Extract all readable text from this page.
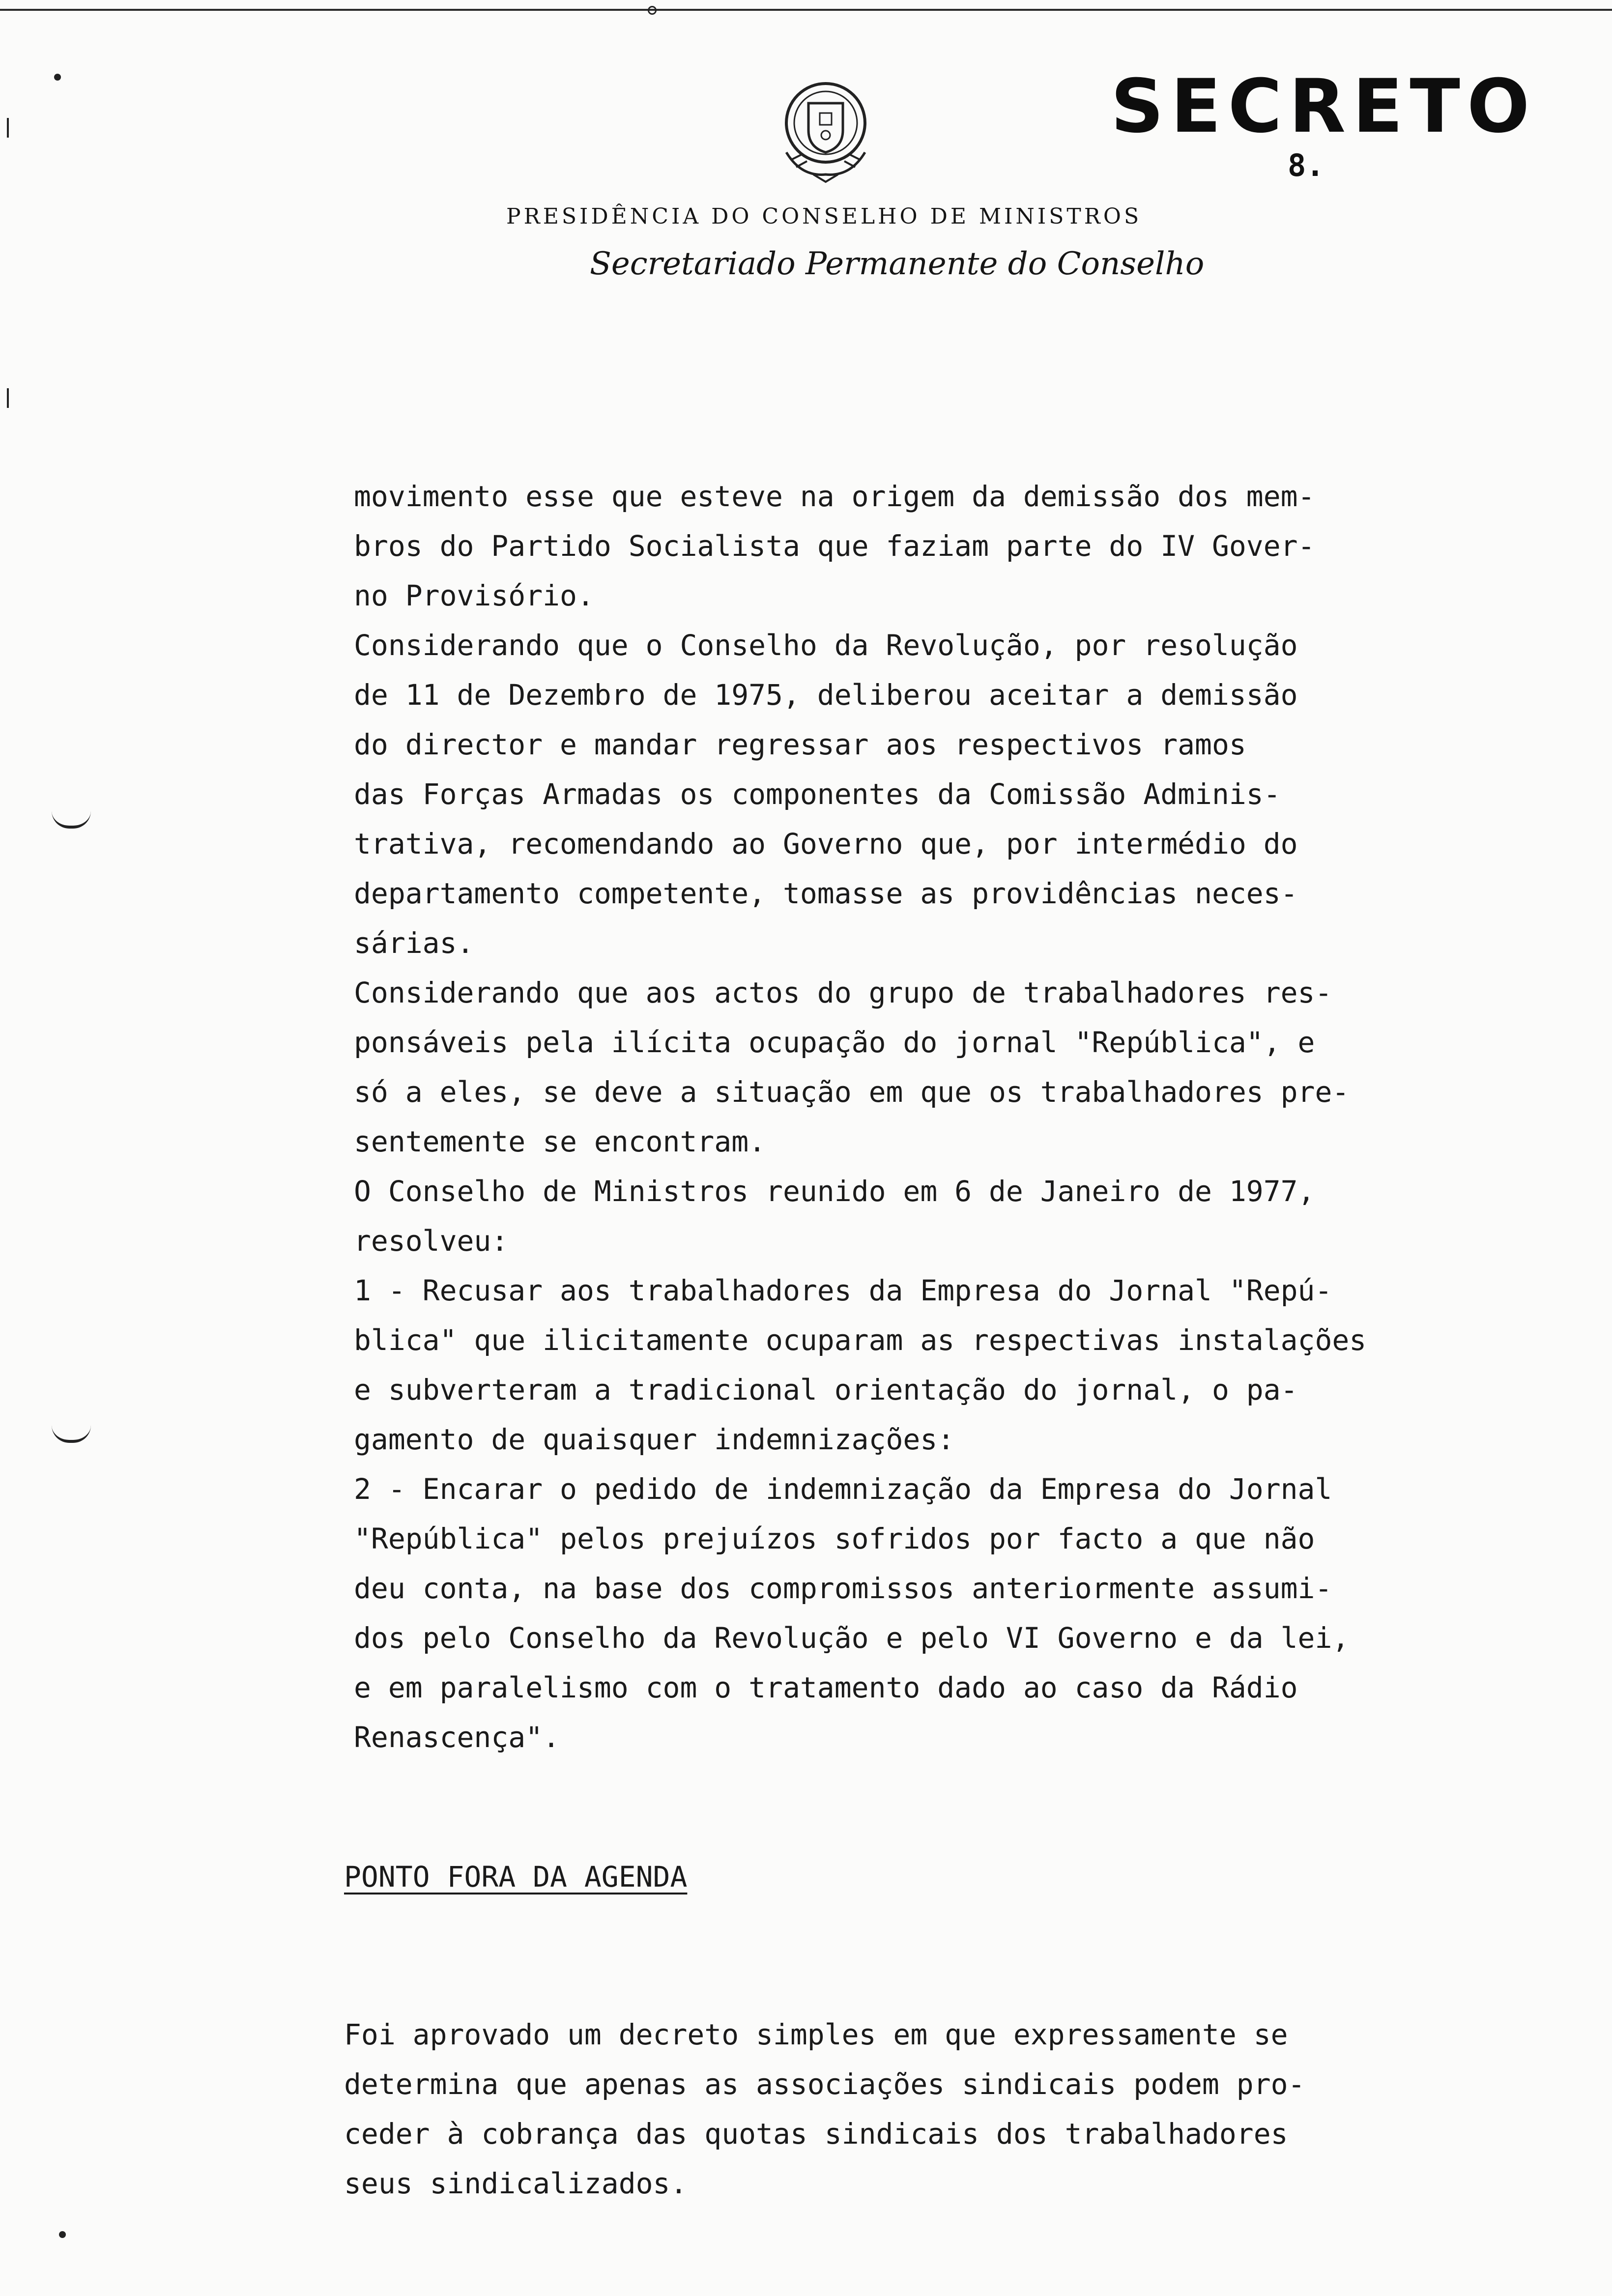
SECRETO
8.
PRESIDÊNCIA DO CONSELHO DE MINISTROS
Secretariado Permanente do Conselho

movimento esse que esteve na origem da demissão dos mem-

bros do Partido Socialista que faziam parte do IV Gover-

no Provisório.

Considerando que o Conselho da Revolução, por resolução

de 11 de Dezembro de 1975, deliberou aceitar a demissão

do director e mandar regressar aos respectivos ramos

das Forças Armadas os componentes da Comissão Adminis-

trativa, recomendando ao Governo que, por intermédio do

departamento competente, tomasse as providências neces-

sárias.

Considerando que aos actos do grupo de trabalhadores res-

ponsáveis pela ilícita ocupação do jornal "República", e

só a eles, se deve a situação em que os trabalhadores pre-

sentemente se encontram.

O Conselho de Ministros reunido em 6 de Janeiro de 1977,

resolveu:

1 - Recusar aos trabalhadores da Empresa do Jornal "Repú-

blica" que ilicitamente ocuparam as respectivas instalações

e subverteram a tradicional orientação do jornal, o pa-

gamento de quaisquer indemnizações:

2 - Encarar o pedido de indemnização da Empresa do Jornal

"República" pelos prejuízos sofridos por facto a que não

deu conta, na base dos compromissos anteriormente assumi-

dos pelo Conselho da Revolução e pelo VI Governo e da lei,

e em paralelismo com o tratamento dado ao caso da Rádio

Renascença".

PONTO FORA DA AGENDA

Foi aprovado um decreto simples em que expressamente se

determina que apenas as associações sindicais podem pro-

ceder à cobrança das quotas sindicais dos trabalhadores

seus sindicalizados.
